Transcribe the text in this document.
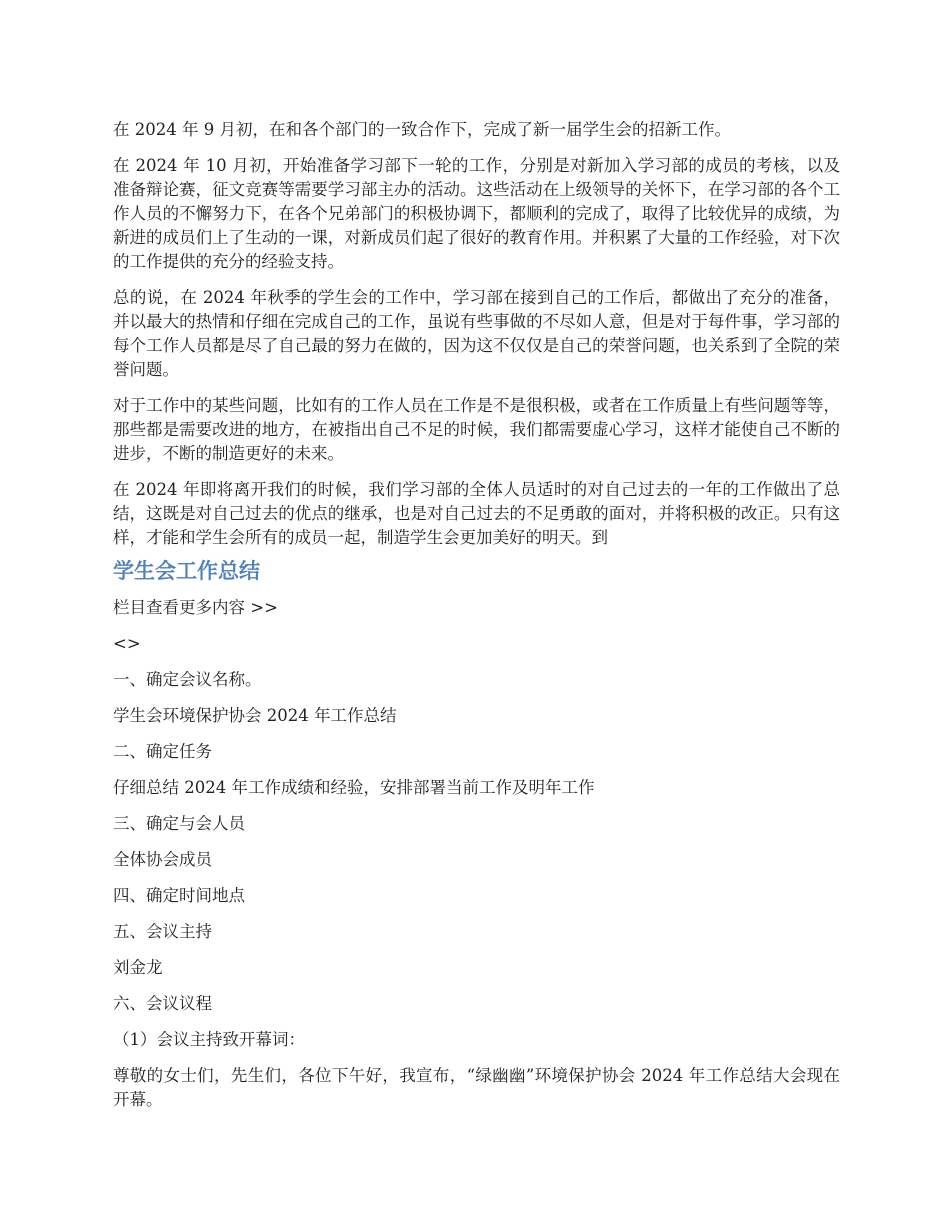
在 2024 年 9 月初，在和各个部门的一致合作下，完成了新一届学生会的招新工作。

在 2024 年 10 月初，开始准备学习部下一轮的工作，分别是对新加入学习部的成员的考核，以及准备辩论赛，征文竞赛等需要学习部主办的活动。这些活动在上级领导的关怀下，在学习部的各个工作人员的不懈努力下，在各个兄弟部门的积极协调下，都顺利的完成了，取得了比较优异的成绩，为新进的成员们上了生动的一课，对新成员们起了很好的教育作用。并积累了大量的工作经验，对下次的工作提供的充分的经验支持。

总的说，在 2024 年秋季的学生会的工作中，学习部在接到自己的工作后，都做出了充分的准备，并以最大的热情和仔细在完成自己的工作，虽说有些事做的不尽如人意，但是对于每件事，学习部的每个工作人员都是尽了自己最的努力在做的，因为这不仅仅是自己的荣誉问题，也关系到了全院的荣誉问题。

对于工作中的某些问题，比如有的工作人员在工作是不是很积极，或者在工作质量上有些问题等等，那些都是需要改进的地方，在被指出自己不足的时候，我们都需要虚心学习，这样才能使自己不断的进步，不断的制造更好的未来。

在 2024 年即将离开我们的时候，我们学习部的全体人员适时的对自己过去的一年的工作做出了总结，这既是对自己过去的优点的继承，也是对自己过去的不足勇敢的面对，并将积极的改正。只有这样，才能和学生会所有的成员一起，制造学生会更加美好的明天。到

学生会工作总结
栏目查看更多内容 >>

<>

一、确定会议名称。

学生会环境保护协会 2024 年工作总结

二、确定任务

仔细总结 2024 年工作成绩和经验，安排部署当前工作及明年工作

三、确定与会人员

全体协会成员

四、确定时间地点

五、会议主持

刘金龙

六、会议议程

（1）会议主持致开幕词：

尊敬的女士们，先生们，各位下午好，我宣布，“绿幽幽”环境保护协会 2024 年工作总结大会现在开幕。
